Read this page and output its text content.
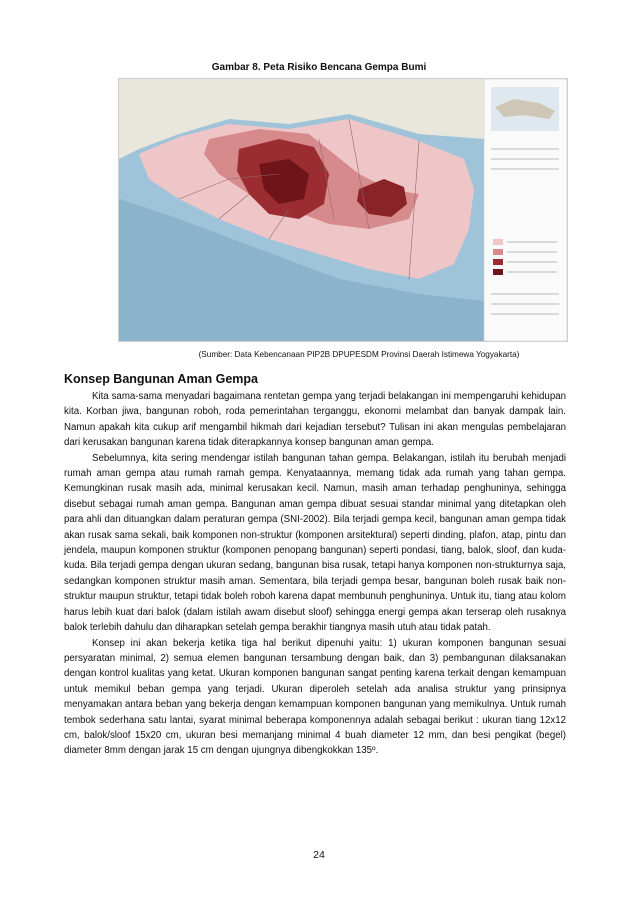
Gambar 8. Peta Risiko Bencana Gempa Bumi
(Sumber: Data Kebencanaan PIP2B DPUPESDM Provinsi Daerah Istimewa Yogyakarta)
Konsep Bangunan Aman Gempa

Kita sama-sama menyadari bagaimana rentetan gempa yang terjadi belakangan ini mempengaruhi kehidupan kita. Korban jiwa, bangunan roboh, roda pemerintahan terganggu, ekonomi melambat dan banyak dampak lain. Namun apakah kita cukup arif mengambil hikmah dari kejadian tersebut? Tulisan ini akan mengulas pembelajaran dari kerusakan bangunan karena tidak diterapkannya konsep bangunan aman gempa.

Sebelumnya, kita sering mendengar istilah bangunan tahan gempa. Belakangan, istilah itu berubah menjadi rumah aman gempa atau rumah ramah gempa. Kenyataannya, memang tidak ada rumah yang tahan gempa. Kemungkinan rusak masih ada, minimal kerusakan kecil. Namun, masih aman terhadap penghuninya, sehingga disebut sebagai rumah aman gempa. Bangunan aman gempa dibuat sesuai standar minimal yang ditetapkan oleh para ahli dan dituangkan dalam peraturan gempa (SNI-2002). Bila terjadi gempa kecil, bangunan aman gempa tidak akan rusak sama sekali, baik komponen non-struktur (komponen arsitektural) seperti dinding, plafon, atap, pintu dan jendela, maupun komponen struktur (komponen penopang bangunan) seperti pondasi, tiang, balok, sloof, dan kuda-kuda. Bila terjadi gempa dengan ukuran sedang, bangunan bisa rusak, tetapi hanya komponen non-strukturnya saja, sedangkan komponen struktur masih aman. Sementara, bila terjadi gempa besar, bangunan boleh rusak baik non-struktur maupun struktur, tetapi tidak boleh roboh karena dapat membunuh penghuninya. Untuk itu, tiang atau kolom harus lebih kuat dari balok (dalam istilah awam disebut sloof) sehingga energi gempa akan terserap oleh rusaknya balok terlebih dahulu dan diharapkan setelah gempa berakhir tiangnya masih utuh atau tidak patah.

Konsep ini akan bekerja ketika tiga hal berikut dipenuhi yaitu: 1) ukuran komponen bangunan sesuai persyaratan minimal, 2) semua elemen bangunan tersambung dengan baik, dan 3) pembangunan dilaksanakan dengan kontrol kualitas yang ketat. Ukuran komponen bangunan sangat penting karena terkait dengan kemampuan untuk memikul beban gempa yang terjadi. Ukuran diperoleh setelah ada analisa struktur yang prinsipnya menyamakan antara beban yang bekerja dengan kemampuan komponen bangunan yang memikulnya. Untuk rumah tembok sederhana satu lantai, syarat minimal beberapa komponennya adalah sebagai berikut : ukuran tiang 12x12 cm, balok/sloof 15x20 cm, ukuran besi memanjang minimal 4 buah diameter 12 mm, dan besi pengikat (begel) diameter 8mm dengan jarak 15 cm dengan ujungnya dibengkokkan 135º.

24
